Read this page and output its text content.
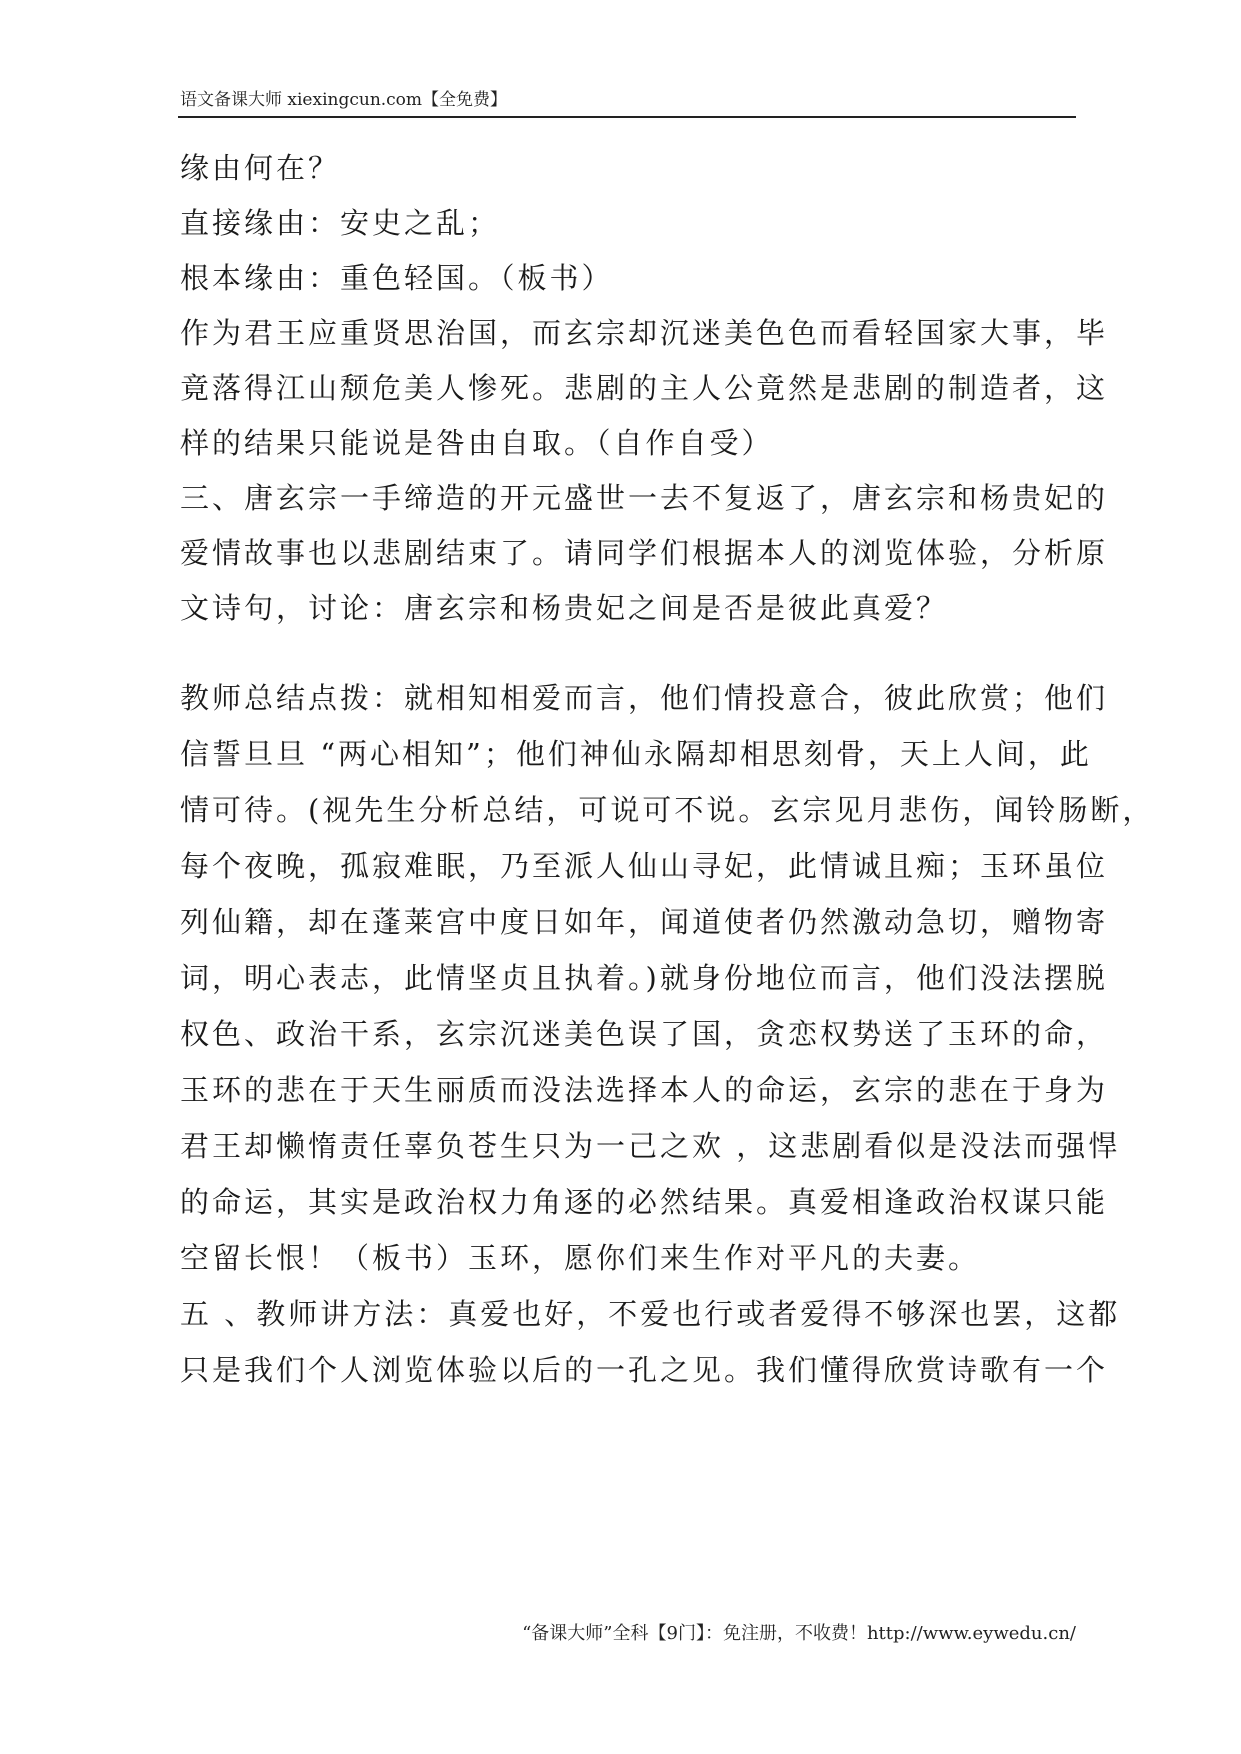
语文备课大师 xiexingcun.com【全免费】
缘由何在？
直接缘由：安史之乱；
根本缘由：重色轻国。（板书）
作为君王应重贤思治国，而玄宗却沉迷美色色而看轻国家大事，毕
竟落得江山颓危美人惨死。悲剧的主人公竟然是悲剧的制造者，这
样的结果只能说是咎由自取。（自作自受）
三、唐玄宗一手缔造的开元盛世一去不复返了，唐玄宗和杨贵妃的
爱情故事也以悲剧结束了。请同学们根据本人的浏览体验，分析原
文诗句，讨论：唐玄宗和杨贵妃之间是否是彼此真爱？
教师总结点拨：就相知相爱而言，他们情投意合，彼此欣赏；他们
信誓旦旦 “两心相知”；他们神仙永隔却相思刻骨，天上人间，此
情可待。(视先生分析总结，可说可不说。玄宗见月悲伤，闻铃肠断，
每个夜晚，孤寂难眠，乃至派人仙山寻妃，此情诚且痴；玉环虽位
列仙籍，却在蓬莱宫中度日如年，闻道使者仍然激动急切，赠物寄
词，明心表志，此情坚贞且执着。)就身份地位而言，他们没法摆脱
权色、政治干系，玄宗沉迷美色误了国，贪恋权势送了玉环的命，
玉环的悲在于天生丽质而没法选择本人的命运，玄宗的悲在于身为
君王却懒惰责任辜负苍生只为一己之欢 ，这悲剧看似是没法而强悍
的命运，其实是政治权力角逐的必然结果。真爱相逢政治权谋只能
空留长恨！（板书）玉环，愿你们来生作对平凡的夫妻。
五 、教师讲方法：真爱也好，不爱也行或者爱得不够深也罢，这都
只是我们个人浏览体验以后的一孔之见。我们懂得欣赏诗歌有一个
“备课大师”全科【9门】：免注册，不收费！http://www.eywedu.cn/
